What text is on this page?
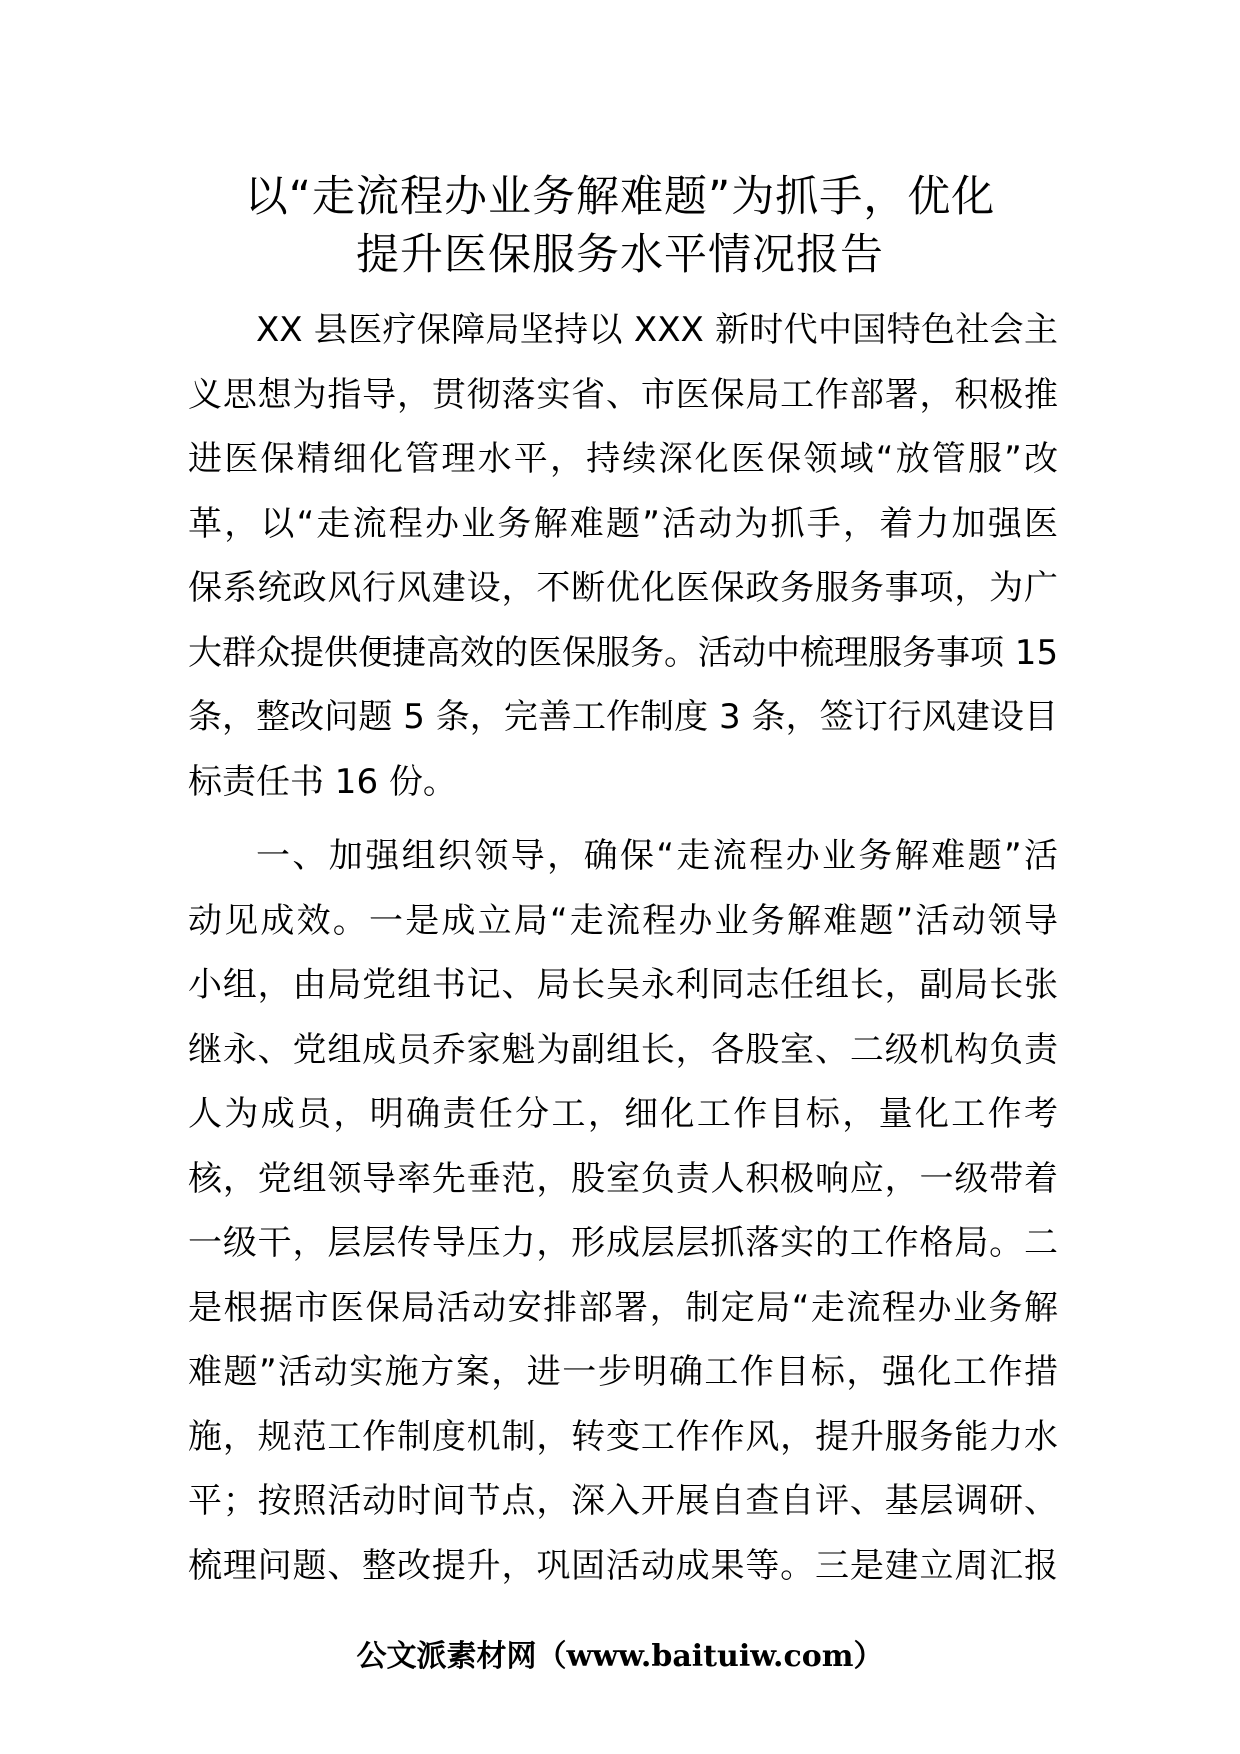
以“走流程办业务解难题”为抓手，优化
提升医保服务水平情况报告
XX 县医疗保障局坚持以 XXX 新时代中国特色社会主
义思想为指导，贯彻落实省、市医保局工作部署，积极推
进医保精细化管理水平，持续深化医保领域“放管服”改
革，以“走流程办业务解难题”活动为抓手，着力加强医
保系统政风行风建设，不断优化医保政务服务事项，为广
大群众提供便捷高效的医保服务。活动中梳理服务事项 15
条，整改问题 5 条，完善工作制度 3 条，签订行风建设目
标责任书 16 份。
一、加强组织领导，确保“走流程办业务解难题”活
动见成效。一是成立局“走流程办业务解难题”活动领导
小组，由局党组书记、局长吴永利同志任组长，副局长张
继永、党组成员乔家魁为副组长，各股室、二级机构负责
人为成员，明确责任分工，细化工作目标，量化工作考
核，党组领导率先垂范，股室负责人积极响应，一级带着
一级干，层层传导压力，形成层层抓落实的工作格局。二
是根据市医保局活动安排部署，制定局“走流程办业务解
难题”活动实施方案，进一步明确工作目标，强化工作措
施，规范工作制度机制，转变工作作风，提升服务能力水
平；按照活动时间节点，深入开展自查自评、基层调研、
梳理问题、整改提升，巩固活动成果等。三是建立周汇报
公文派素材网（www.baituiw.com）
